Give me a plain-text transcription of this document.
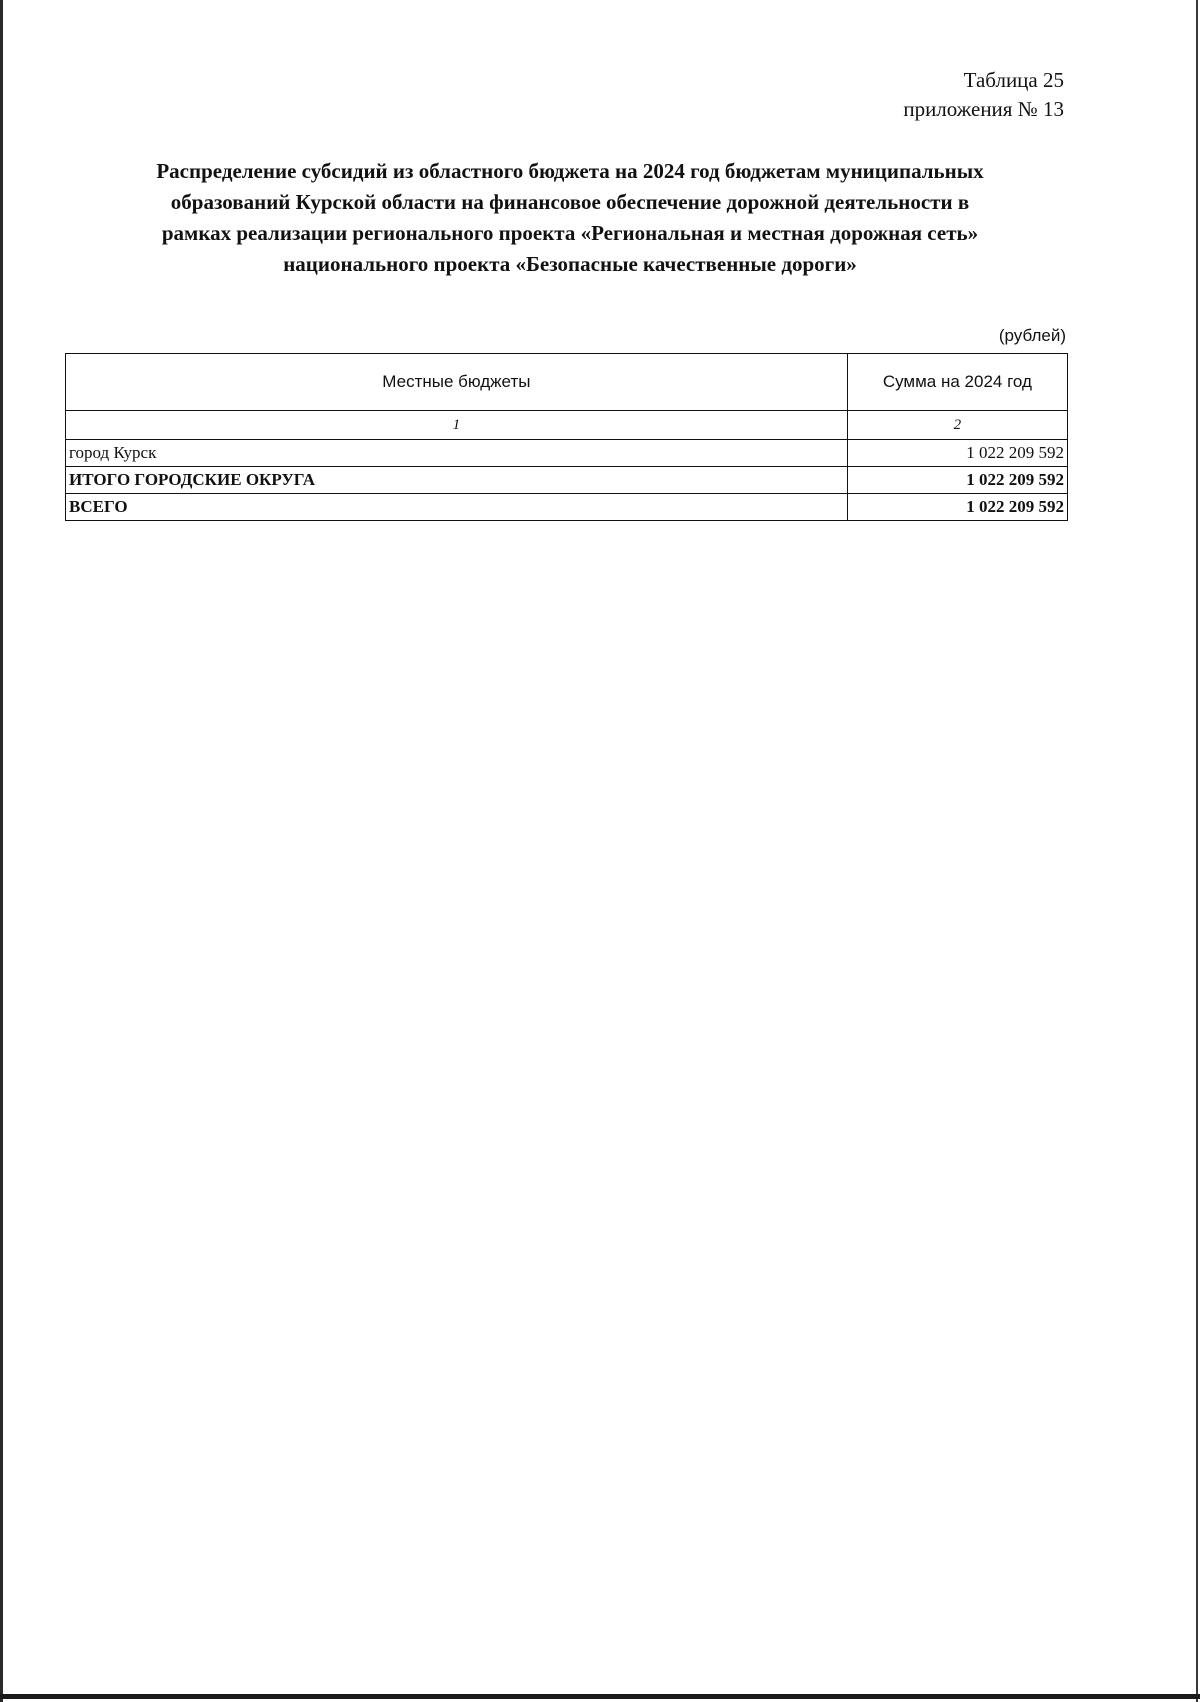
Таблица 25
приложения № 13
Распределение субсидий из областного бюджета на 2024 год бюджетам муниципальных
образований Курской области на финансовое обеспечение дорожной деятельности в
рамках реализации регионального проекта «Региональная и местная дорожная сеть»
национального проекта «Безопасные качественные дороги»
(рублей)
Местные бюджеты	Сумма на 2024 год
1	2
город Курск	1 022 209 592
ИТОГО ГОРОДСКИЕ ОКРУГА	1 022 209 592
ВСЕГО	1 022 209 592
